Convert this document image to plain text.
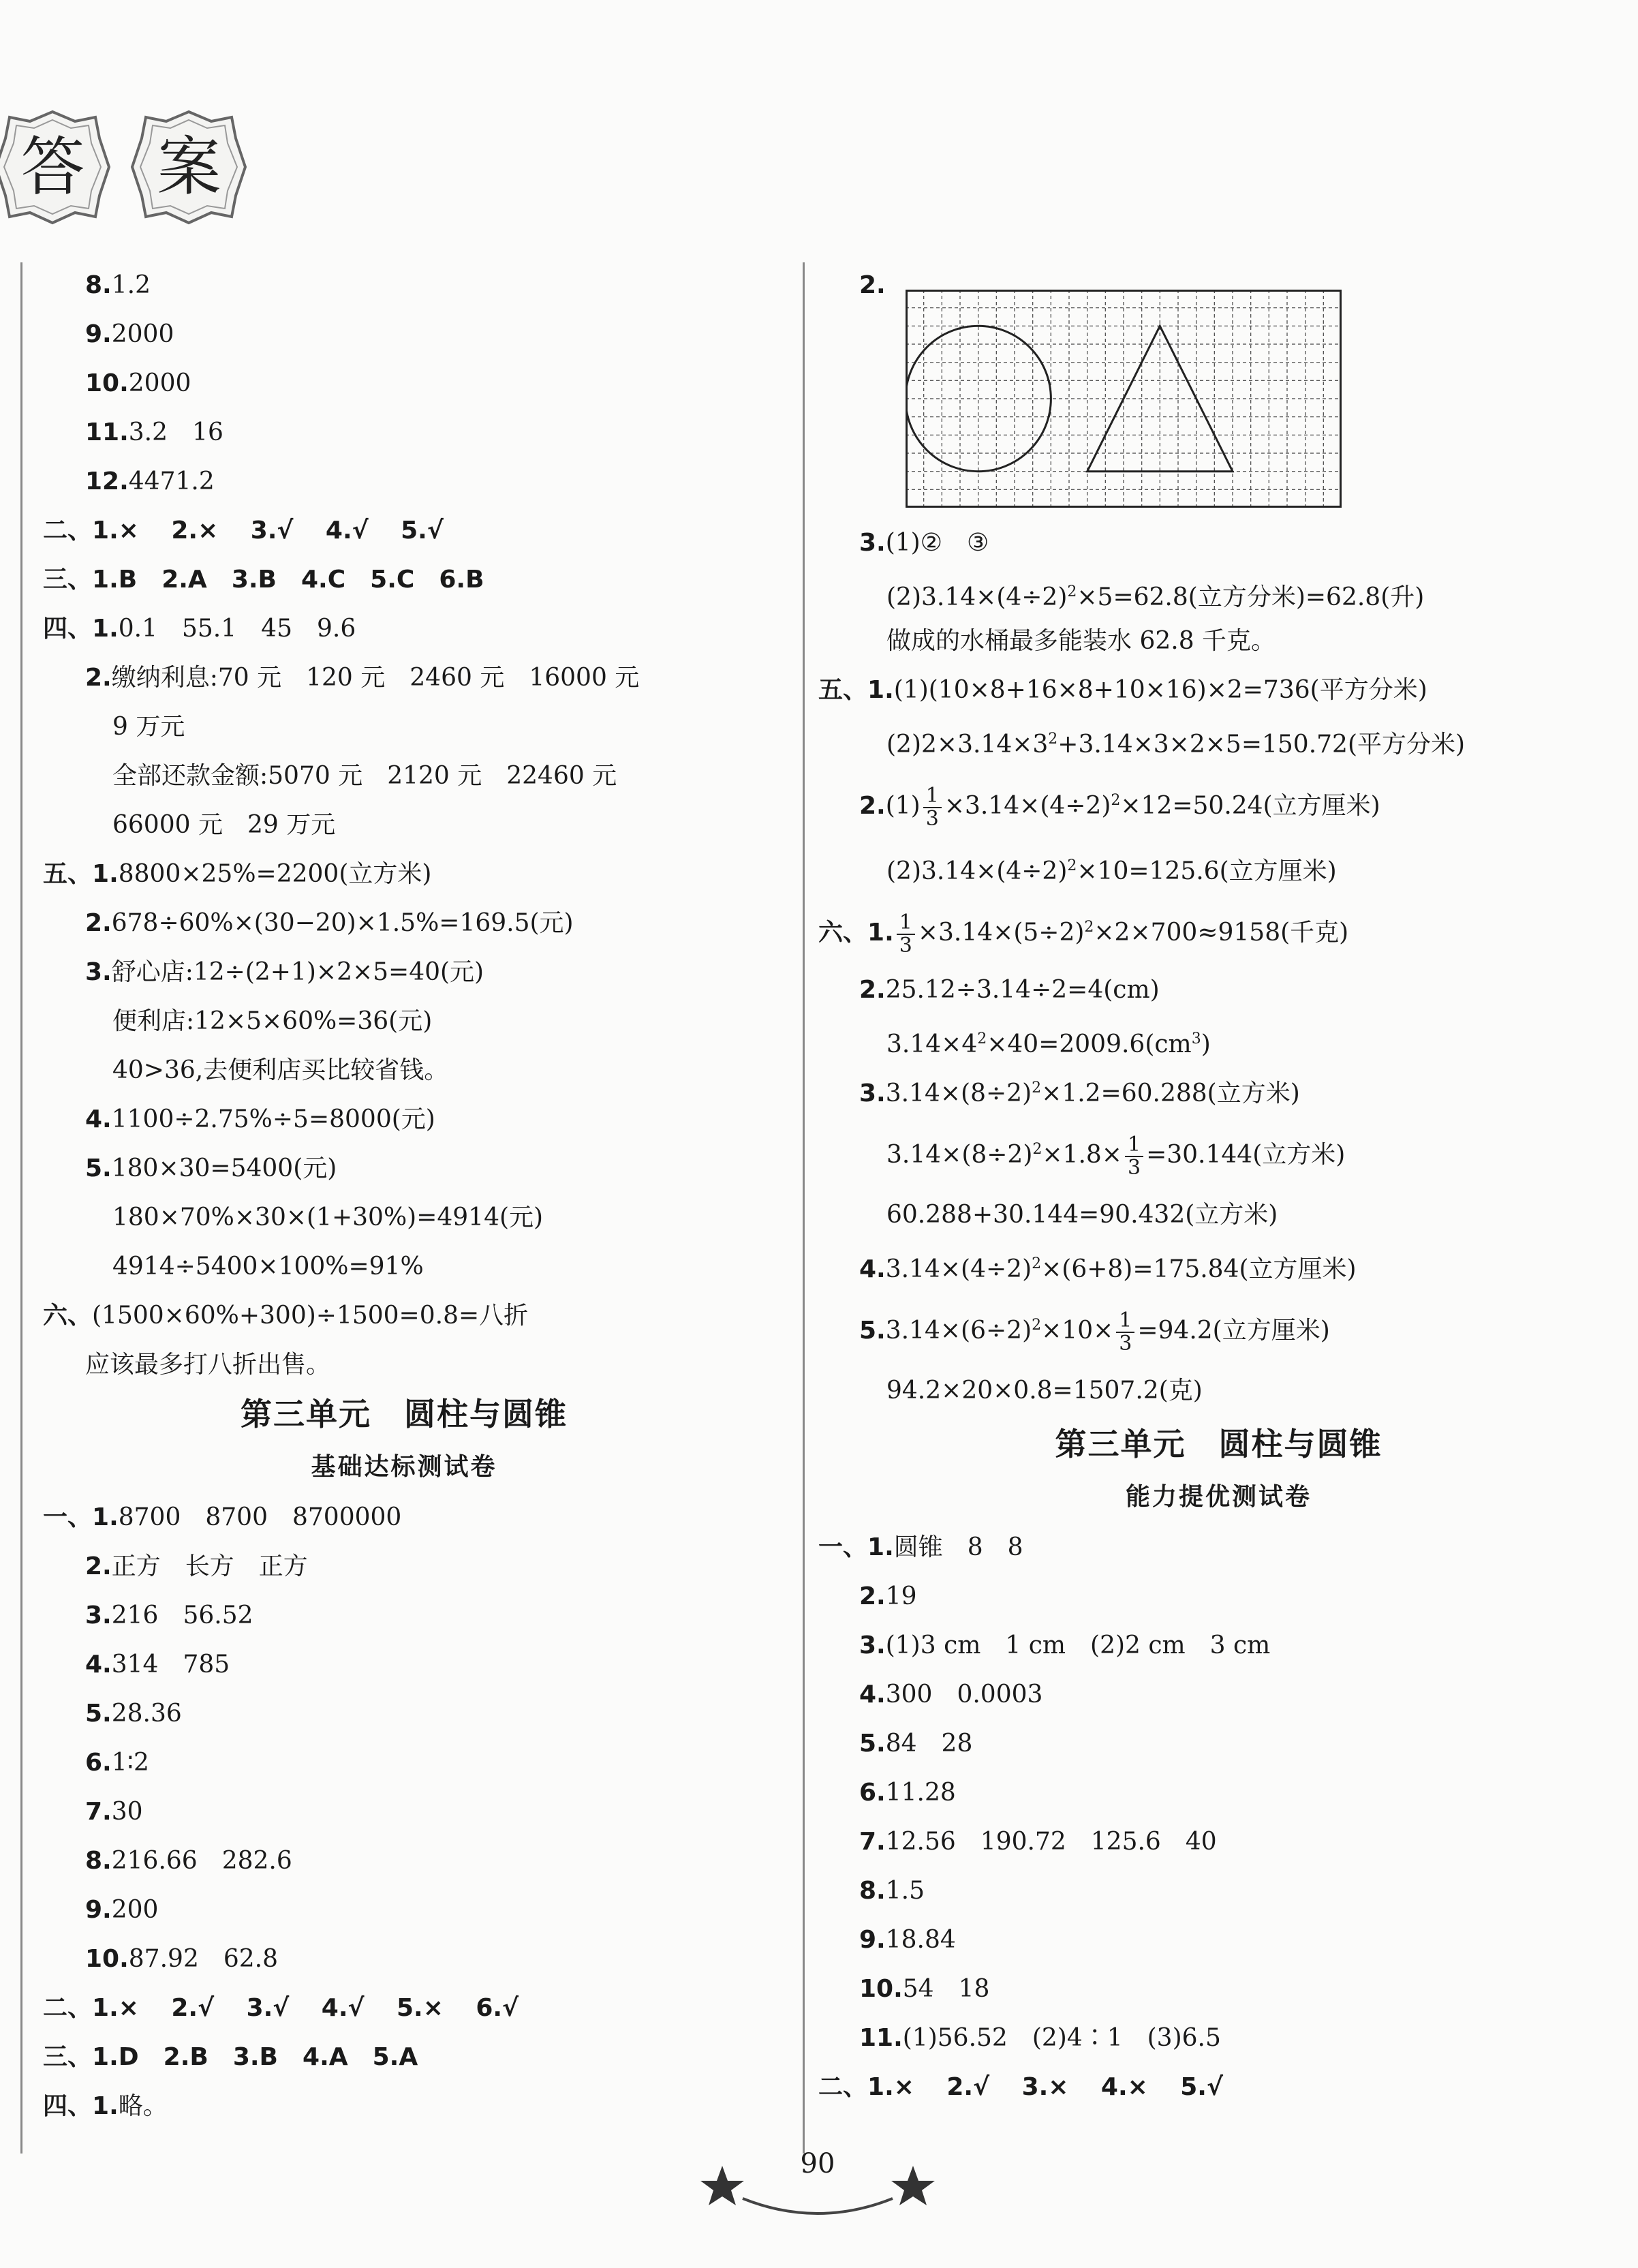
答	案
8.1.2
9.2000
10.2000
11.3.2　16
12.4471.2
二、1.×　 2.×　 3.√　 4.√　 5.√
三、1.B　 2.A　 3.B　 4.C　 5.C　 6.B
四、1.0.1　55.1　45　9.6
2.缴纳利息:70 元　120 元　2460 元　16000 元
9 万元
全部还款金额:5070 元　2120 元　22460 元
66000 元　29 万元
五、1.8800×25%=2200(立方米)
2.678÷60%×(30−20)×1.5%=169.5(元)
3.舒心店:12÷(2+1)×2×5=40(元)
便利店:12×5×60%=36(元)
40>36,去便利店买比较省钱。
4.1100÷2.75%÷5=8000(元)
5.180×30=5400(元)
180×70%×30×(1+30%)=4914(元)
4914÷5400×100%=91%
六、(1500×60%+300)÷1500=0.8=八折
应该最多打八折出售。
第三单元　圆柱与圆锥
基础达标测试卷
一、1.8700　8700　8700000
2.正方　长方　正方
3.216　56.52
4.314　785
5.28.36
6.1∶2
7.30
8.216.66　282.6
9.200
10.87.92　62.8
二、1.×　 2.√　 3.√　 4.√　 5.×　 6.√
三、1.D　 2.B　 3.B　 4.A　 5.A
四、1.略。
2.
3.(1)②　③
$(2)3.14\times(4\div 2)^2\times 5=62.8$(立方分米)=62.8(升)
做成的水桶最多能装水 62.8 千克。
五、1.(1)(10×8+16×8+10×16)×2=736(平方分米)
$(2)2\times 3.14\times 3^2+3.14\times 3\times 2\times 5=150.72$(平方分米)
$2.(1) \frac{1}{3} \times 3.14\times(4\div 2)^2\times 12=50.24$(立方厘米)
$(2)3.14\times(4\div 2)^2\times 10=125.6$(立方厘米)
六、1. $\frac{1}{3} \times 3.14\times(5\div 2)^2\times 2\times 700\approx 9158$(千克)
2.25.12÷3.14÷2=4(cm)
$3.14\times 4^2\times 40=2009.6(cm^3)$
$3.3.14\times(8\div 2)^2\times 1.2=60.288$(立方米)
$3.14\times(8\div 2)^2\times 1.8\times \frac{1}{3} =30.144$(立方米)
60.288+30.144=90.432(立方米)
$4.3.14\times(4\div 2)^2\times(6+8)=175.84$(立方厘米)
$5.3.14\times(6\div 2)^2\times 10\times \frac{1}{3} =94.2$(立方厘米)
94.2×20×0.8=1507.2(克)
第三单元　圆柱与圆锥
能力提优测试卷
一、1.圆锥　8　8
2.19
3.(1)3 cm　1 cm　(2)2 cm　3 cm
4.300　0.0003
5.84　28
6.11.28
7.12.56　190.72　125.6　40
8.1.5
9.18.84
10.54　18
11.(1)56.52　(2)4∶1　(3)6.5
二、1.×　 2.√　 3.×　 4.×　 5.√
90
